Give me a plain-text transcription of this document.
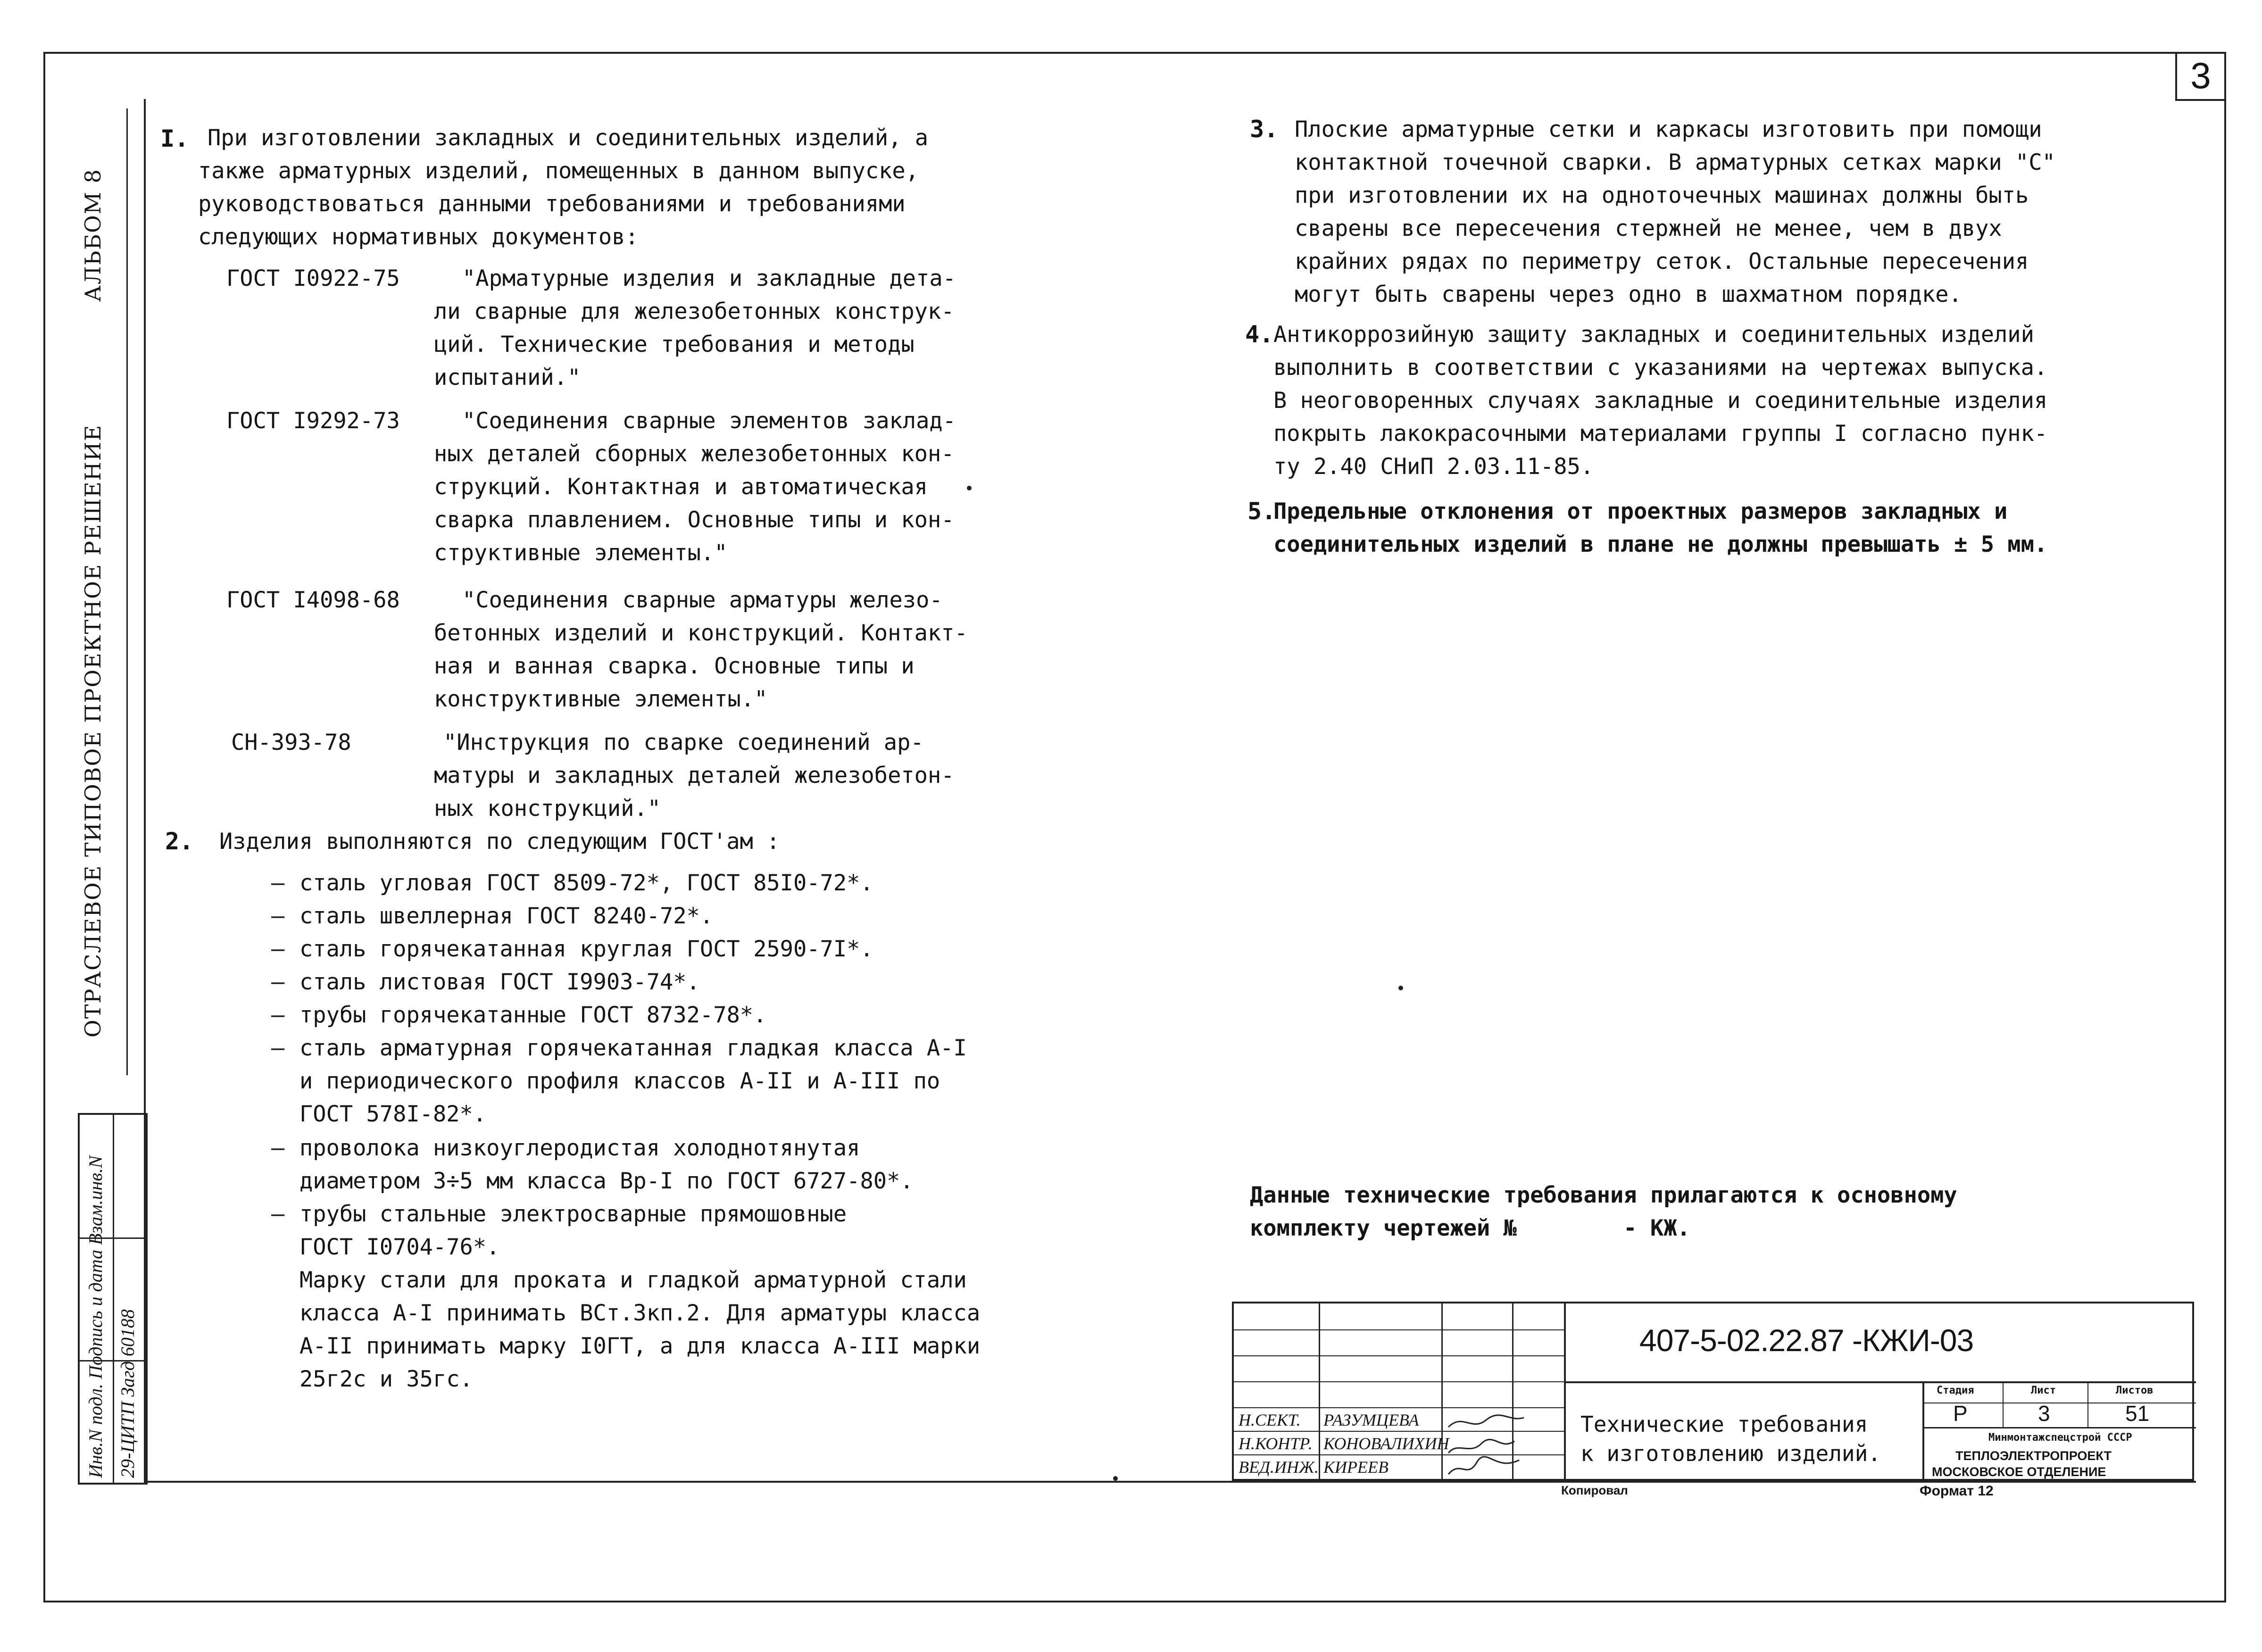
3
ОТРАСЛЕВОЕ ТИПОВОЕ ПРОЕКТНОЕ РЕШЕНИЕ
АЛЬБОМ 8
Инв.N подл. Подпись и дата Взам.инв.N 29-ЦИТП Загд 60188
I. При изготовлении закладных и соединительных изделий, а
также арматурных изделий, помещенных в данном выпуске,
руководствоваться данными требованиями и требованиями
следующих нормативных документов:
ГОСТ I0922-75	"Арматурные изделия и закладные дета-
ли сварные для железобетонных конструк-
ций. Технические требования и методы
испытаний."
ГОСТ I9292-73	"Соединения сварные элементов заклад-
ных деталей сборных железобетонных кон-
струкций. Контактная и автоматическая
сварка плавлением. Основные типы и кон-
структивные элементы."
ГОСТ I4098-68	"Соединения сварные арматуры железо-
бетонных изделий и конструкций. Контакт-
ная и ванная сварка. Основные типы и
конструктивные элементы."
СН-393-78	"Инструкция по сварке соединений ар-
матуры и закладных деталей железобетон-
ных конструкций."
2. Изделия выполняются по следующим ГОСТ'ам :
– сталь угловая ГОСТ 8509-72*, ГОСТ 85I0-72*.
– сталь швеллерная ГОСТ 8240-72*.
– сталь горячекатанная круглая ГОСТ 2590-7I*.
– сталь листовая ГОСТ I9903-74*.
– трубы горячекатанные ГОСТ 8732-78*.
– сталь арматурная горячекатанная гладкая класса А-I
и периодического профиля классов А-II и А-III по
ГОСТ 578I-82*.
– проволока низкоуглеродистая холоднотянутая
диаметром 3÷5 мм класса Вр-I по ГОСТ 6727-80*.
– трубы стальные электросварные прямошовные
ГОСТ I0704-76*.
Марку стали для проката и гладкой арматурной стали
класса А-I принимать ВСт.3кп.2. Для арматуры класса
А-II принимать марку I0ГТ, а для класса А-III марки
25г2с и 35гс.
3. Плоские арматурные сетки и каркасы изготовить при помощи
контактной точечной сварки. В арматурных сетках марки "С"
при изготовлении их на одноточечных машинах должны быть
сварены все пересечения стержней не менее, чем в двух
крайних рядах по периметру сеток. Остальные пересечения
могут быть сварены через одно в шахматном порядке.
4. Антикоррозийную защиту закладных и соединительных изделий
выполнить в соответствии с указаниями на чертежах выпуска.
В неоговоренных случаях закладные и соединительные изделия
покрыть лакокрасочными материалами группы I согласно пунк-
ту 2.40 СНиП 2.03.11-85.
5.
Предельные отклонения от проектных размеров закладных и
соединительных изделий в плане не должны превышать ± 5 мм.
Данные технические требования прилагаются к основному
комплекту чертежей №        - КЖ.
407-5-02.22.87 -КЖИ-03
Технические требования
к изготовлению изделий.
Стадия	Лист	Листов
Р	3	51
Минмонтажспецстрой СССР
ТЕПЛОЭЛЕКТРОПРОЕКТ
МОСКОВСКОЕ ОТДЕЛЕНИЕ
Н.СЕКТ. РАЗУМЦЕВА
Н.КОНТР. КОНОВАЛИХИН
ВЕД.ИНЖ. КИРЕЕВ
Копировал	Формат 12
